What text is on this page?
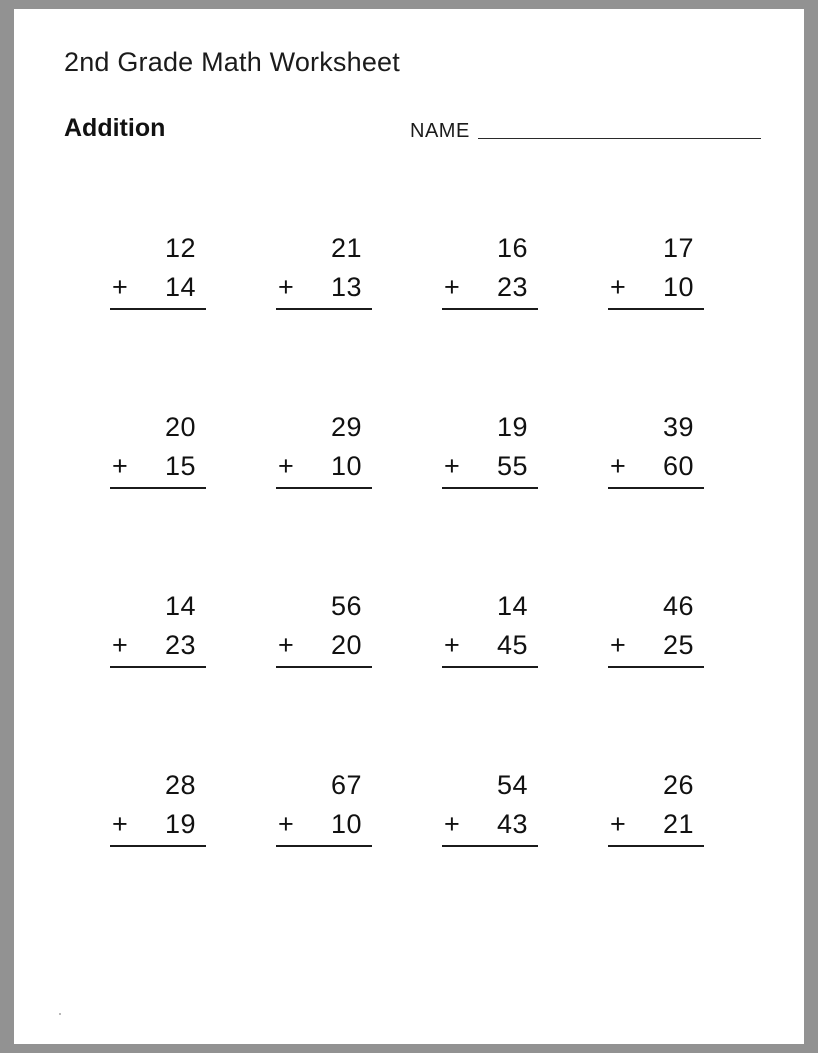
2nd Grade Math Worksheet
Addition	NAME
12
+ 14
21
+ 13
16
+ 23
17
+ 10
20
+ 15
29
+ 10
19
+ 55
39
+ 60
14
+ 23
56
+ 20
14
+ 45
46
+ 25
28
+ 19
67
+ 10
54
+ 43
26
+ 21
